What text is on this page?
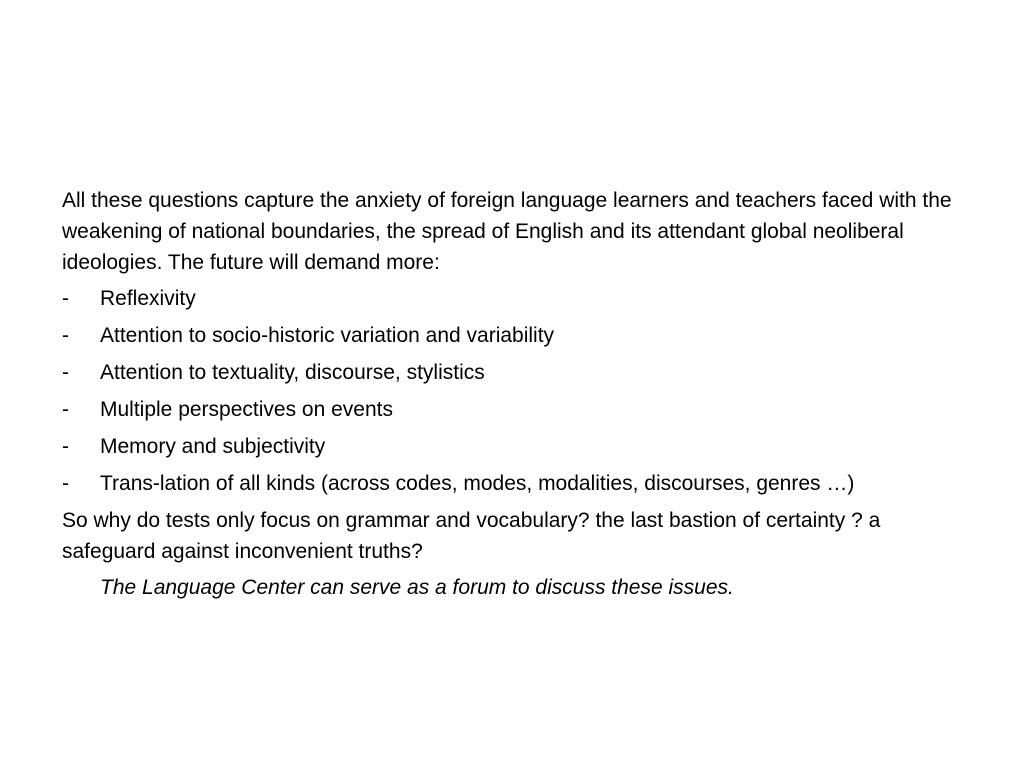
All these questions capture the anxiety of foreign language learners and teachers faced with the weakening of national boundaries, the spread of English and its attendant global neoliberal ideologies. The future will demand more:

-	Reflexivity
-	Attention to socio-historic variation and variability
-	Attention to textuality, discourse, stylistics
-	Multiple perspectives on events
-	Memory and subjectivity
-	Trans-lation of all kinds (across codes, modes, modalities, discourses, genres …)

So why do tests only focus on grammar and vocabulary? the last bastion of certainty ? a safeguard against inconvenient truths?

The Language Center can serve as a forum to discuss these issues.
